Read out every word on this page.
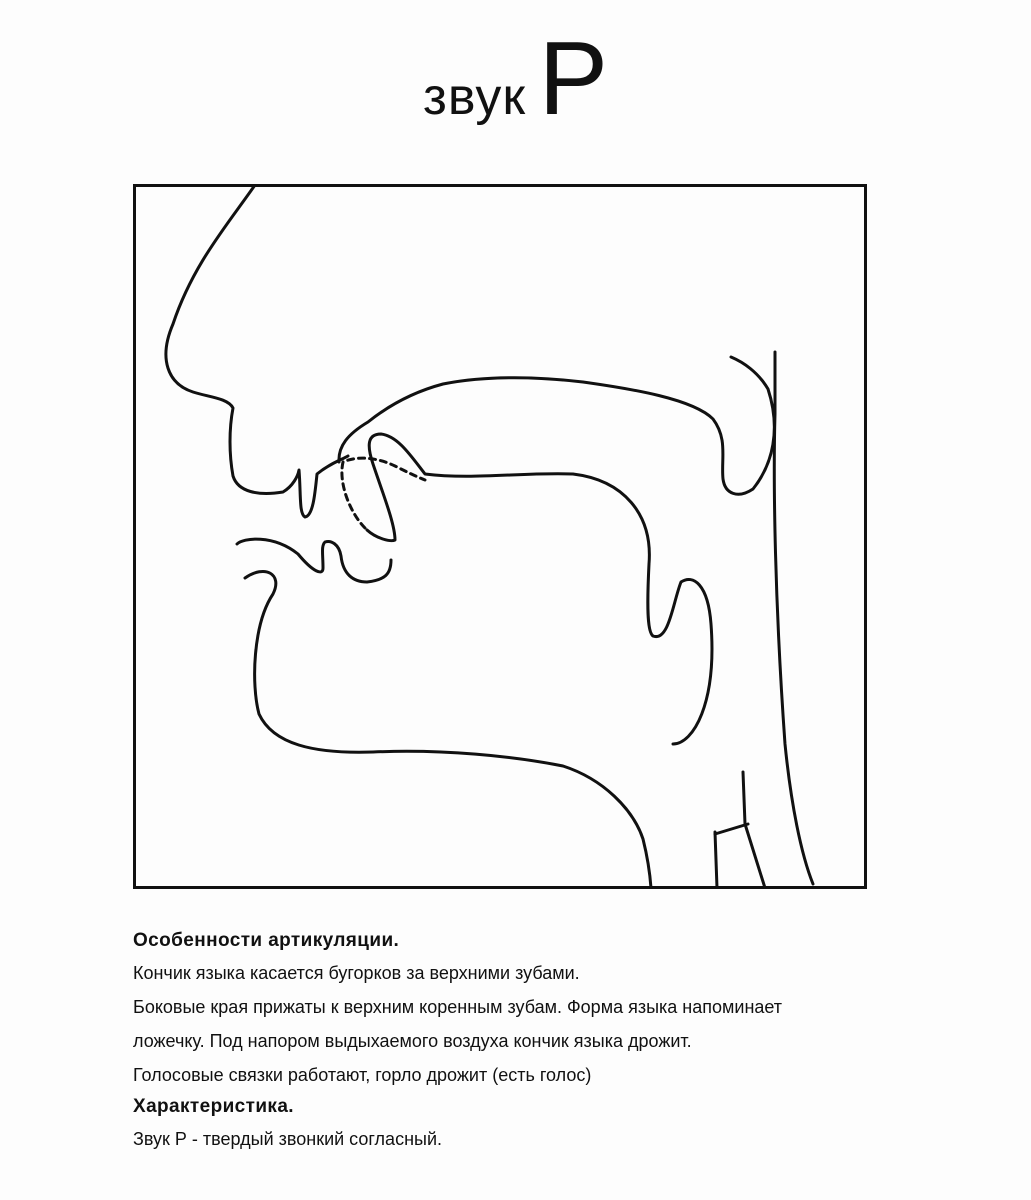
звук Р
Особенности артикуляции.
Кончик языка касается бугорков за верхними зубами.
Боковые края прижаты к верхним коренным зубам. Форма языка напоминает
ложечку. Под напором выдыхаемого воздуха кончик языка дрожит.
Голосовые связки работают, горло дрожит (есть голос)
Характеристика.
Звук Р - твердый звонкий согласный.
